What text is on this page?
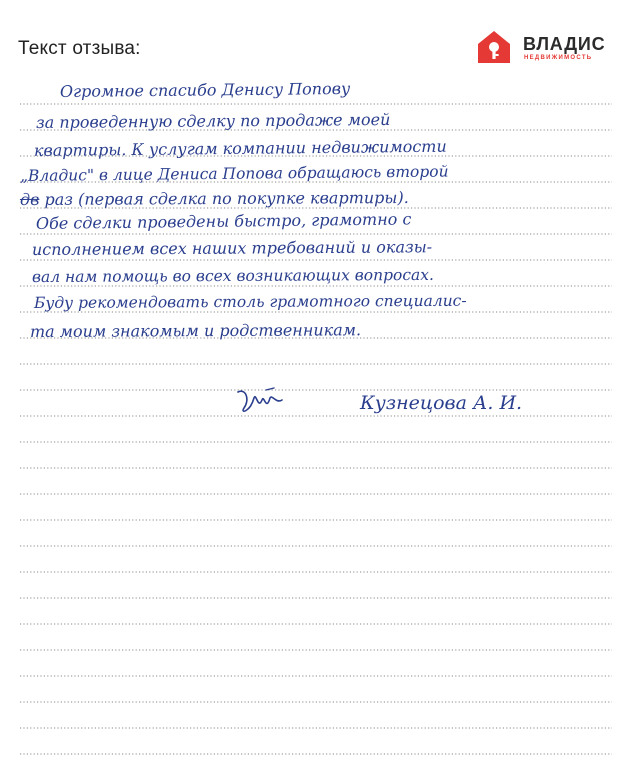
Текст отзыва:	ВЛАДИС
НЕДВИЖИМОСТЬ
Огромное спасибо Денису Попову
за проведенную сделку по продаже моей
квартиры. К услугам компании недвижимости
„Владис" в лице Дениса Попова обращаюсь второй
дв раз (первая сделка по покупке квартиры).
Обе сделки проведены быстро, грамотно с
исполнением всех наших требований и оказы-
вал нам помощь во всех возникающих вопросах.
Буду рекомендовать столь грамотного специалис-
та моим знакомым и родственникам.
Кузнецова А. И.
